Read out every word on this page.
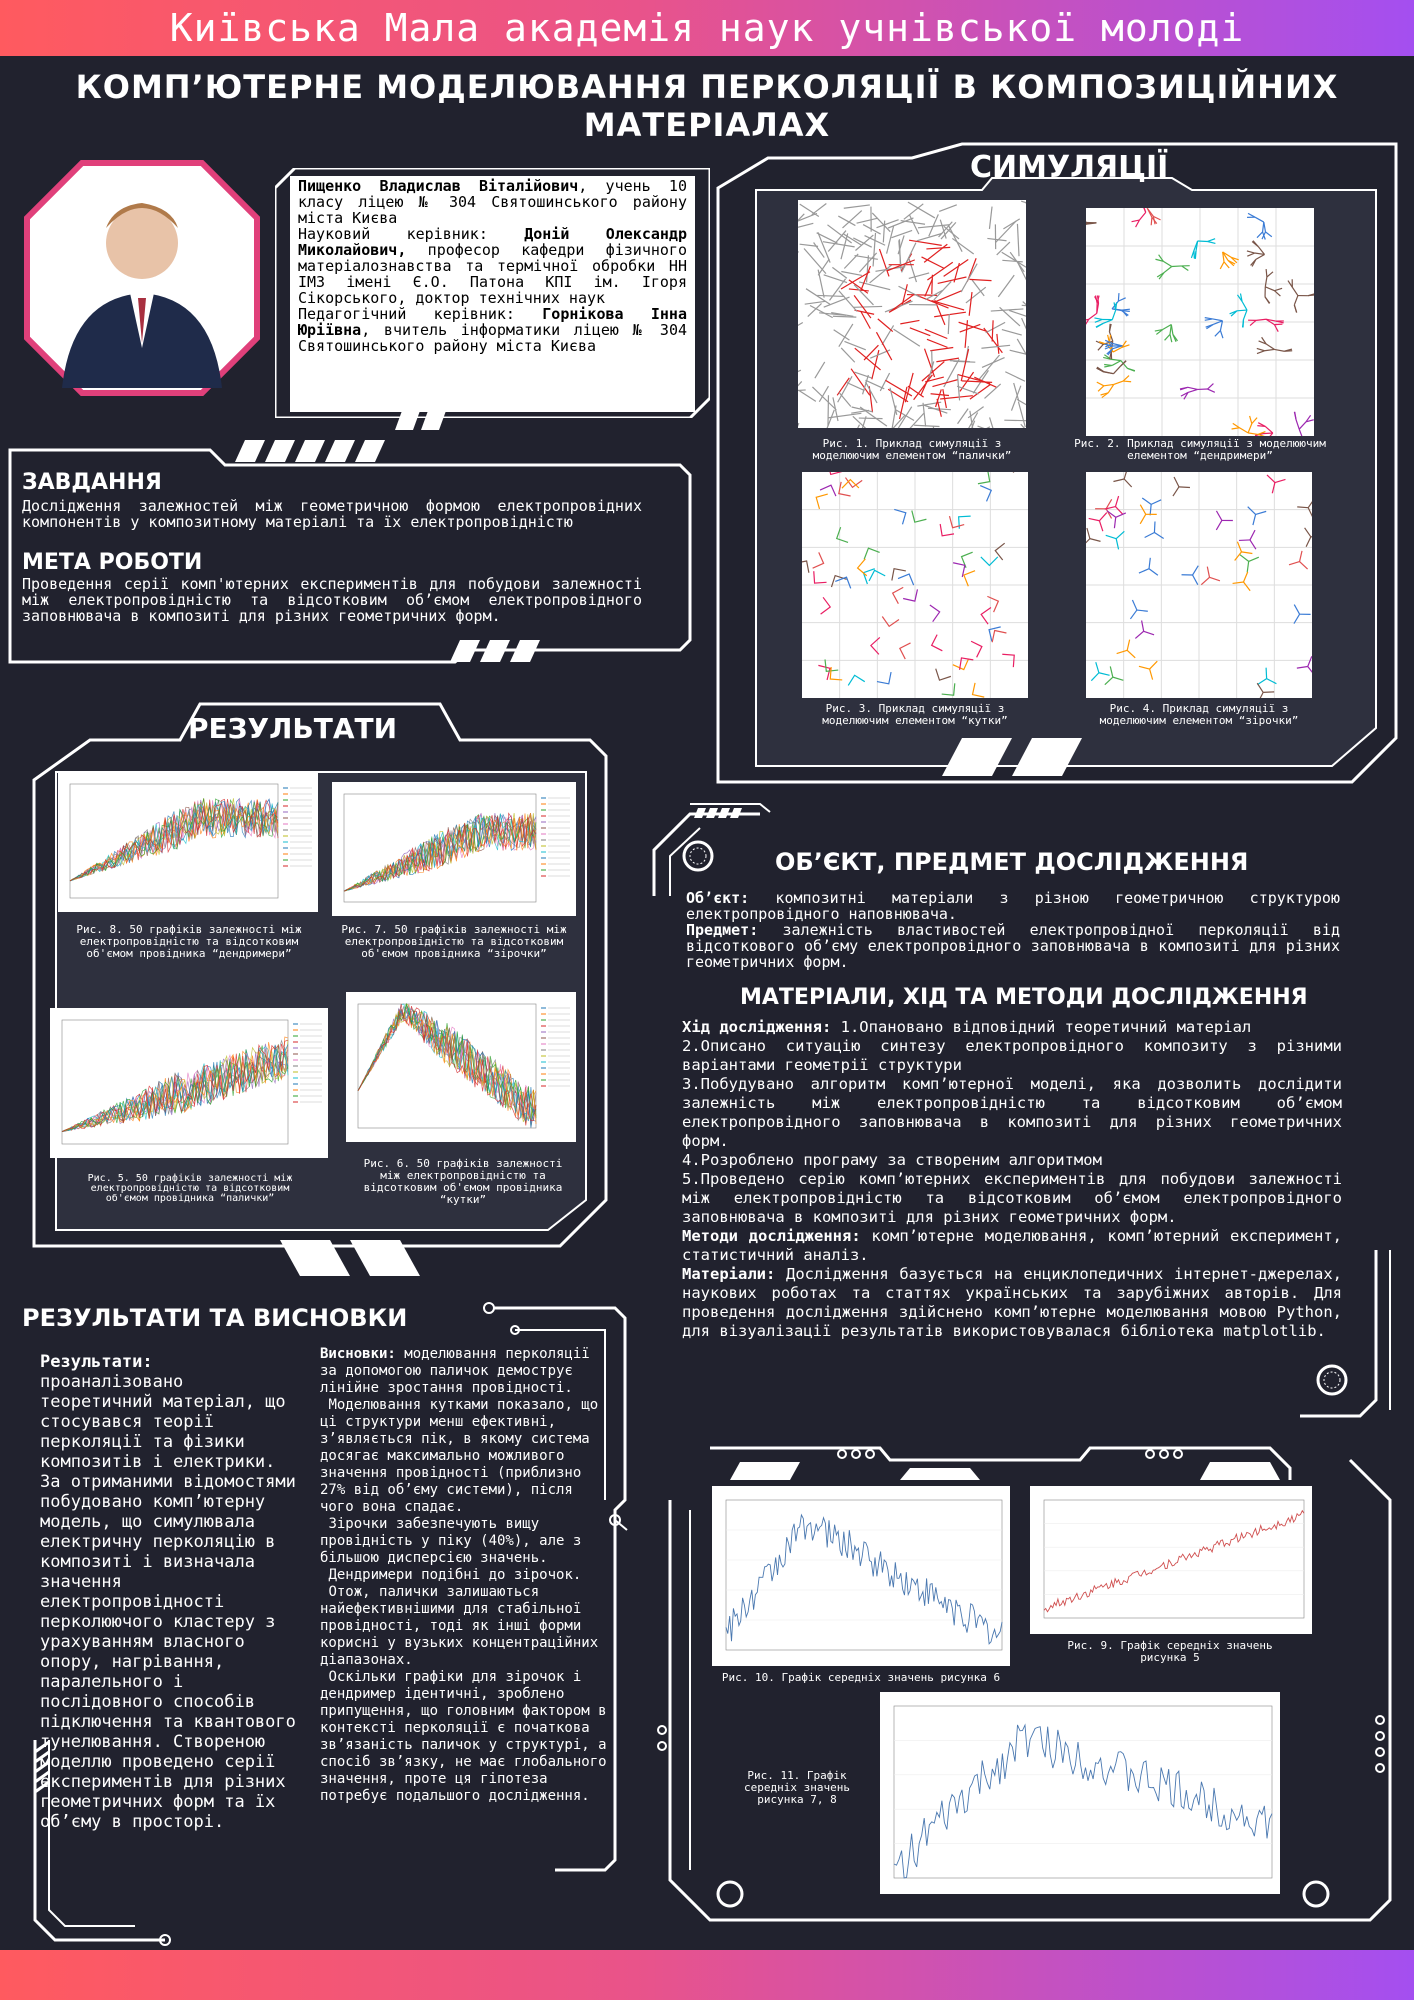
Київська Мала академія наук учнівської молоді
КОМП’ЮТЕРНЕ МОДЕЛЮВАННЯ ПЕРКОЛЯЦІЇ В КОМПОЗИЦІЙНИХ МАТЕРІАЛАХ
Пищенко Владислав Віталійович, учень 10 класу ліцею № 304 Святошинського району міста Києва
Науковий керівник: Доній Олександр Миколайович, професор кафедри фізичного матеріалознавства та термічної обробки НН ІМЗ імені Є.О. Патона КПІ ім. Ігоря Сікорського, доктор технічних наук
Педагогічний керівник: Горнікова Інна Юріївна, вчитель інформатики ліцею № 304 Святошинського району міста Києва
ЗАВДАННЯ
Дослідження залежностей між геометричною формою електропровідних компонентів у композитному матеріалі та їх електропровідністю
МЕТА РОБОТИ
Проведення серії комп'ютерних експериментів для побудови залежності між електропровідністю та відсотковим об’ємом електропровідного заповнювача в композиті для різних геометричних форм.
СИМУЛЯЦІЇ
Рис. 1. Приклад симуляції з моделюючим елементом “палички”
Рис. 2. Приклад симуляції з моделюючим елементом “дендримери”
Рис. 3. Приклад симуляції з моделюючим елементом “кутки”
Рис. 4. Приклад симуляції з моделюючим елементом “зірочки”
РЕЗУЛЬТАТИ
Рис. 8. 50 графіків залежності між електропровідністю та відсотковим об'ємом провідника “дендримери”
Рис. 7. 50 графіків залежності між електропровідністю та відсотковим об'ємом провідника “зірочки”
Рис. 5. 50 графіків залежності між електропровідністю та відсотковим об'ємом провідника “палички”
Рис. 6. 50 графіків залежності між електропровідністю та відсотковим об'ємом провідника “кутки”
ОБ’ЄКТ, ПРЕДМЕТ ДОСЛІДЖЕННЯ
Об’єкт: композитні матеріали з різною геометричною структурою електропровідного наповнювача.
Предмет: залежність властивостей електропровідної перколяції від відсоткового об’єму електропровідного заповнювача в композиті для різних геометричних форм.
МАТЕРІАЛИ, ХІД ТА МЕТОДИ ДОСЛІДЖЕННЯ
Хід дослідження: 1.Опановано відповідний теоретичний матеріал
2.Описано ситуацію синтезу електропровідного композиту з різними варіантами геометрії структури
3.Побудувано алгоритм комп’ютерної моделі, яка дозволить дослідити залежність між електропровідністю та відсотковим об’ємом електропровідного заповнювача в композиті для різних геометричних форм.
4.Розроблено програму за створеним алгоритмом
5.Проведено серію комп’ютерних експериментів для побудови залежності між електропровідністю та відсотковим об’ємом електропровідного заповнювача в композиті для різних геометричних форм.
Методи дослідження: комп’ютерне моделювання, комп’ютерний експеримент, статистичний аналіз.
Матеріали: Дослідження базується на енциклопедичних інтернет-джерелах, наукових роботах та статтях українських та зарубіжних авторів. Для проведення дослідження здійснено комп’ютерне моделювання мовою Python, для візуалізації результатів використовувалася бібліотека matplotlib.
РЕЗУЛЬТАТИ ТА ВИСНОВКИ
Результати:
проаналізовано теоретичний матеріал, що стосувався теорії перколяції та фізики композитів і електрики. За отриманими відомостями побудовано комп’ютерну модель, що симулювала електричну перколяцію в композиті і визначала значення електропровідності перколюючого кластеру з урахуванням власного опору, нагрівання, паралельного і послідовного способів підключення та квантового тунелювання. Створеною моделлю проведено серії експериментів для різних геометричних форм та їх об’єму в просторі.
Висновки: моделювання перколяції за допомогою паличок демострує лінійне зростання провідності.
Моделювання кутками показало, що ці структури менш ефективні, з’являється пік, в якому система досягає максимально можливого значення провідності (приблизно 27% від об’єму системи), після чого вона спадає.
Зірочки забезпечують вищу провідність у піку (40%), але з більшою дисперсією значень.
Дендримери подібні до зірочок.
Отож, палички залишаються найефективнішими для стабільної провідності, тоді як інші форми корисні у вузьких концентраційних діапазонах.
Оскільки графіки для зірочок і дендример ідентичні, зроблено припущення, що головним фактором в контексті перколяції є початкова зв’язаність паличок у структурі, а спосіб зв’язку, не має глобального значення, проте ця гіпотеза потребує подальшого дослідження.
Рис. 10. Графік середніх значень рисунка 6
Рис. 9. Графік середніх значень рисунка 5
Рис. 11. Графік середніх значень рисунка 7, 8
